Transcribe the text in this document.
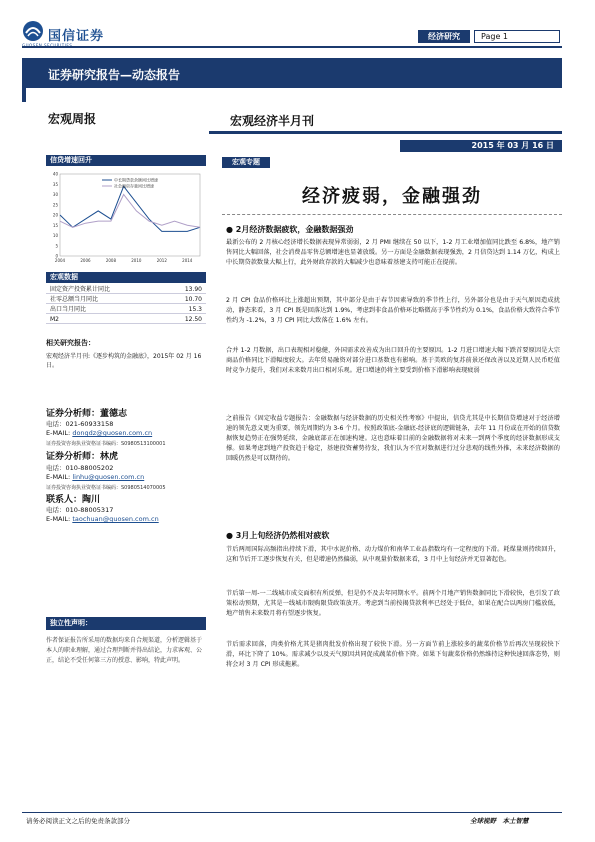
国信证券	经济研究	Page 1
证券研究报告—动态报告
宏观周报	宏观经济半月刊
2015 年 03 月 16 日
信贷增速回升
40
35
30
25
20
15
10
5
0
2004	2006	2008	2010	2012	2014
中长期贷款余额同比增速
社会融资存量同比增速
宏观数据
固定资产投资累计同比	13.90
社零总额当月同比	10.70
出口当月同比	15.3
M2	12.50
相关研究报告：
宏观经济半月刊:《逐步构筑的金融底》，2015年 02 月 16 日。
证券分析师：董德志
电话：021-60933158
E-MAIL: dongdz@guosen.com.cn
证券投资咨询执业资格证书编码：S0980513100001
证券分析师：林虎
电话：010-88005202
E-MAIL: linhu@guosen.com.cn
证券投资咨询执业资格证书编码：S0980514070005
联系人：陶川
电话：010-88005317
E-MAIL: taochuan@guosen.com.cn
独立性声明：
作者保证报告所采用的数据均来自合规渠道，分析逻辑基于本人的职业理解，通过合理判断并得出结论，力求客观、公正，结论不受任何第三方的授意、影响，特此声明。
宏观专题
经济疲弱，金融强劲
● 2月经济数据疲软，金融数据强劲
最新公布的 2 月核心经济增长数据表现异常弱弱，2 月 PMI 继续在 50 以下，1-2 月工业增加值同比跌至 6.8%，地产销售同比大幅回落，社会消费品零售总额增速也显著放缓。另一方面是金融数据表现强劲，2 月信贷达到 1.14 万亿，构成上中长期贷款数量大幅上行，此外财政存款的大幅减少也意味着基建支持可能正在提前。
2 月 CPI 食品价格环比上涨超出预期，其中部分是由于春节因素导致的季节性上行，另外部分也是由于天气原因造成扰动，静态来看，3 月 CPI 既是回落达到 1.9%，考虑到非食品价格环比略微高于季节性约为 0.1%，食品价格大致符合季节性约为 -1.2%，3 月 CPI 同比大致落在 1.6% 左右。
合并 1-2 月数据，出口表现相对稳健，外国需求改善成为出口回升的主要原因。1-2 月进口增速大幅下跌首要原因是大宗商品价格同比下滑幅度较大。去年贸易融资对部分进口基数也有影响。基于美欧的复苏前景还保改善以及近期人民币贬值时竞争力提升，我们对未来数月出口相对乐观。进口增速仍将主要受到价格下滑影响表现疲弱
之前报告《固定收益专题报告：金融数据与经济数据的历史相关性考察》中提出，信贷尤其是中长期信贷增速对于经济增速的领先意义更为重要，领先周期约为 3-6 个月。按照政策底-金融底-经济底的逻辑链条，去年 11 月份或在开始的信贷数据恢复趋势正在强势延续，金融底部正在加速构建。这也意味着目前的金融数据将对未来一到两个季度的经济数据形成支撑。如果考虑到地产投资趋于稳定，基建投资蓄势待发，我们认为不宜对数据进行过分悲观的线性外推，未来经济数据的回暖仍然是可以期待的。
● 3月上旬经济仍然相对疲软
节后两周国际高频指出持续下滑，其中水泥价格、动力煤价和南华工业品指数均有一定程度的下滑。耗煤量则持续回升，这和节后开工逐步恢复有关，但是增速仍然偏弱，从中观量价数据来看，3 月中上旬经济并无显著起色。
节后第一周-一二线城市成交面积有所反弹，但是仍不及去年同期水平。前两个月地产销售数据同比下滑较快，也引发了政策松动预期，尤其是一线城市限购限贷政策放开。考虑到当前按揭贷款利率已经处于低位，如果在配合以两房门槛放低，地产销售未来数月将有望逐步恢复。
节后需求回落，肉类价格尤其是猪肉批发价格出现了较快下滑。另一方面节前上涨较多的蔬菜价格节后再次呈现较快下滑，环比下降了 10%。需求减少以及天气原因共同促成蔬菜价格下降。如果下旬蔬菜价格仍然维持这种快速回落态势，则将会对 3 月 CPI 形成拖累。
请务必阅读正文之后的免责条款部分	全球视野　本土智慧
